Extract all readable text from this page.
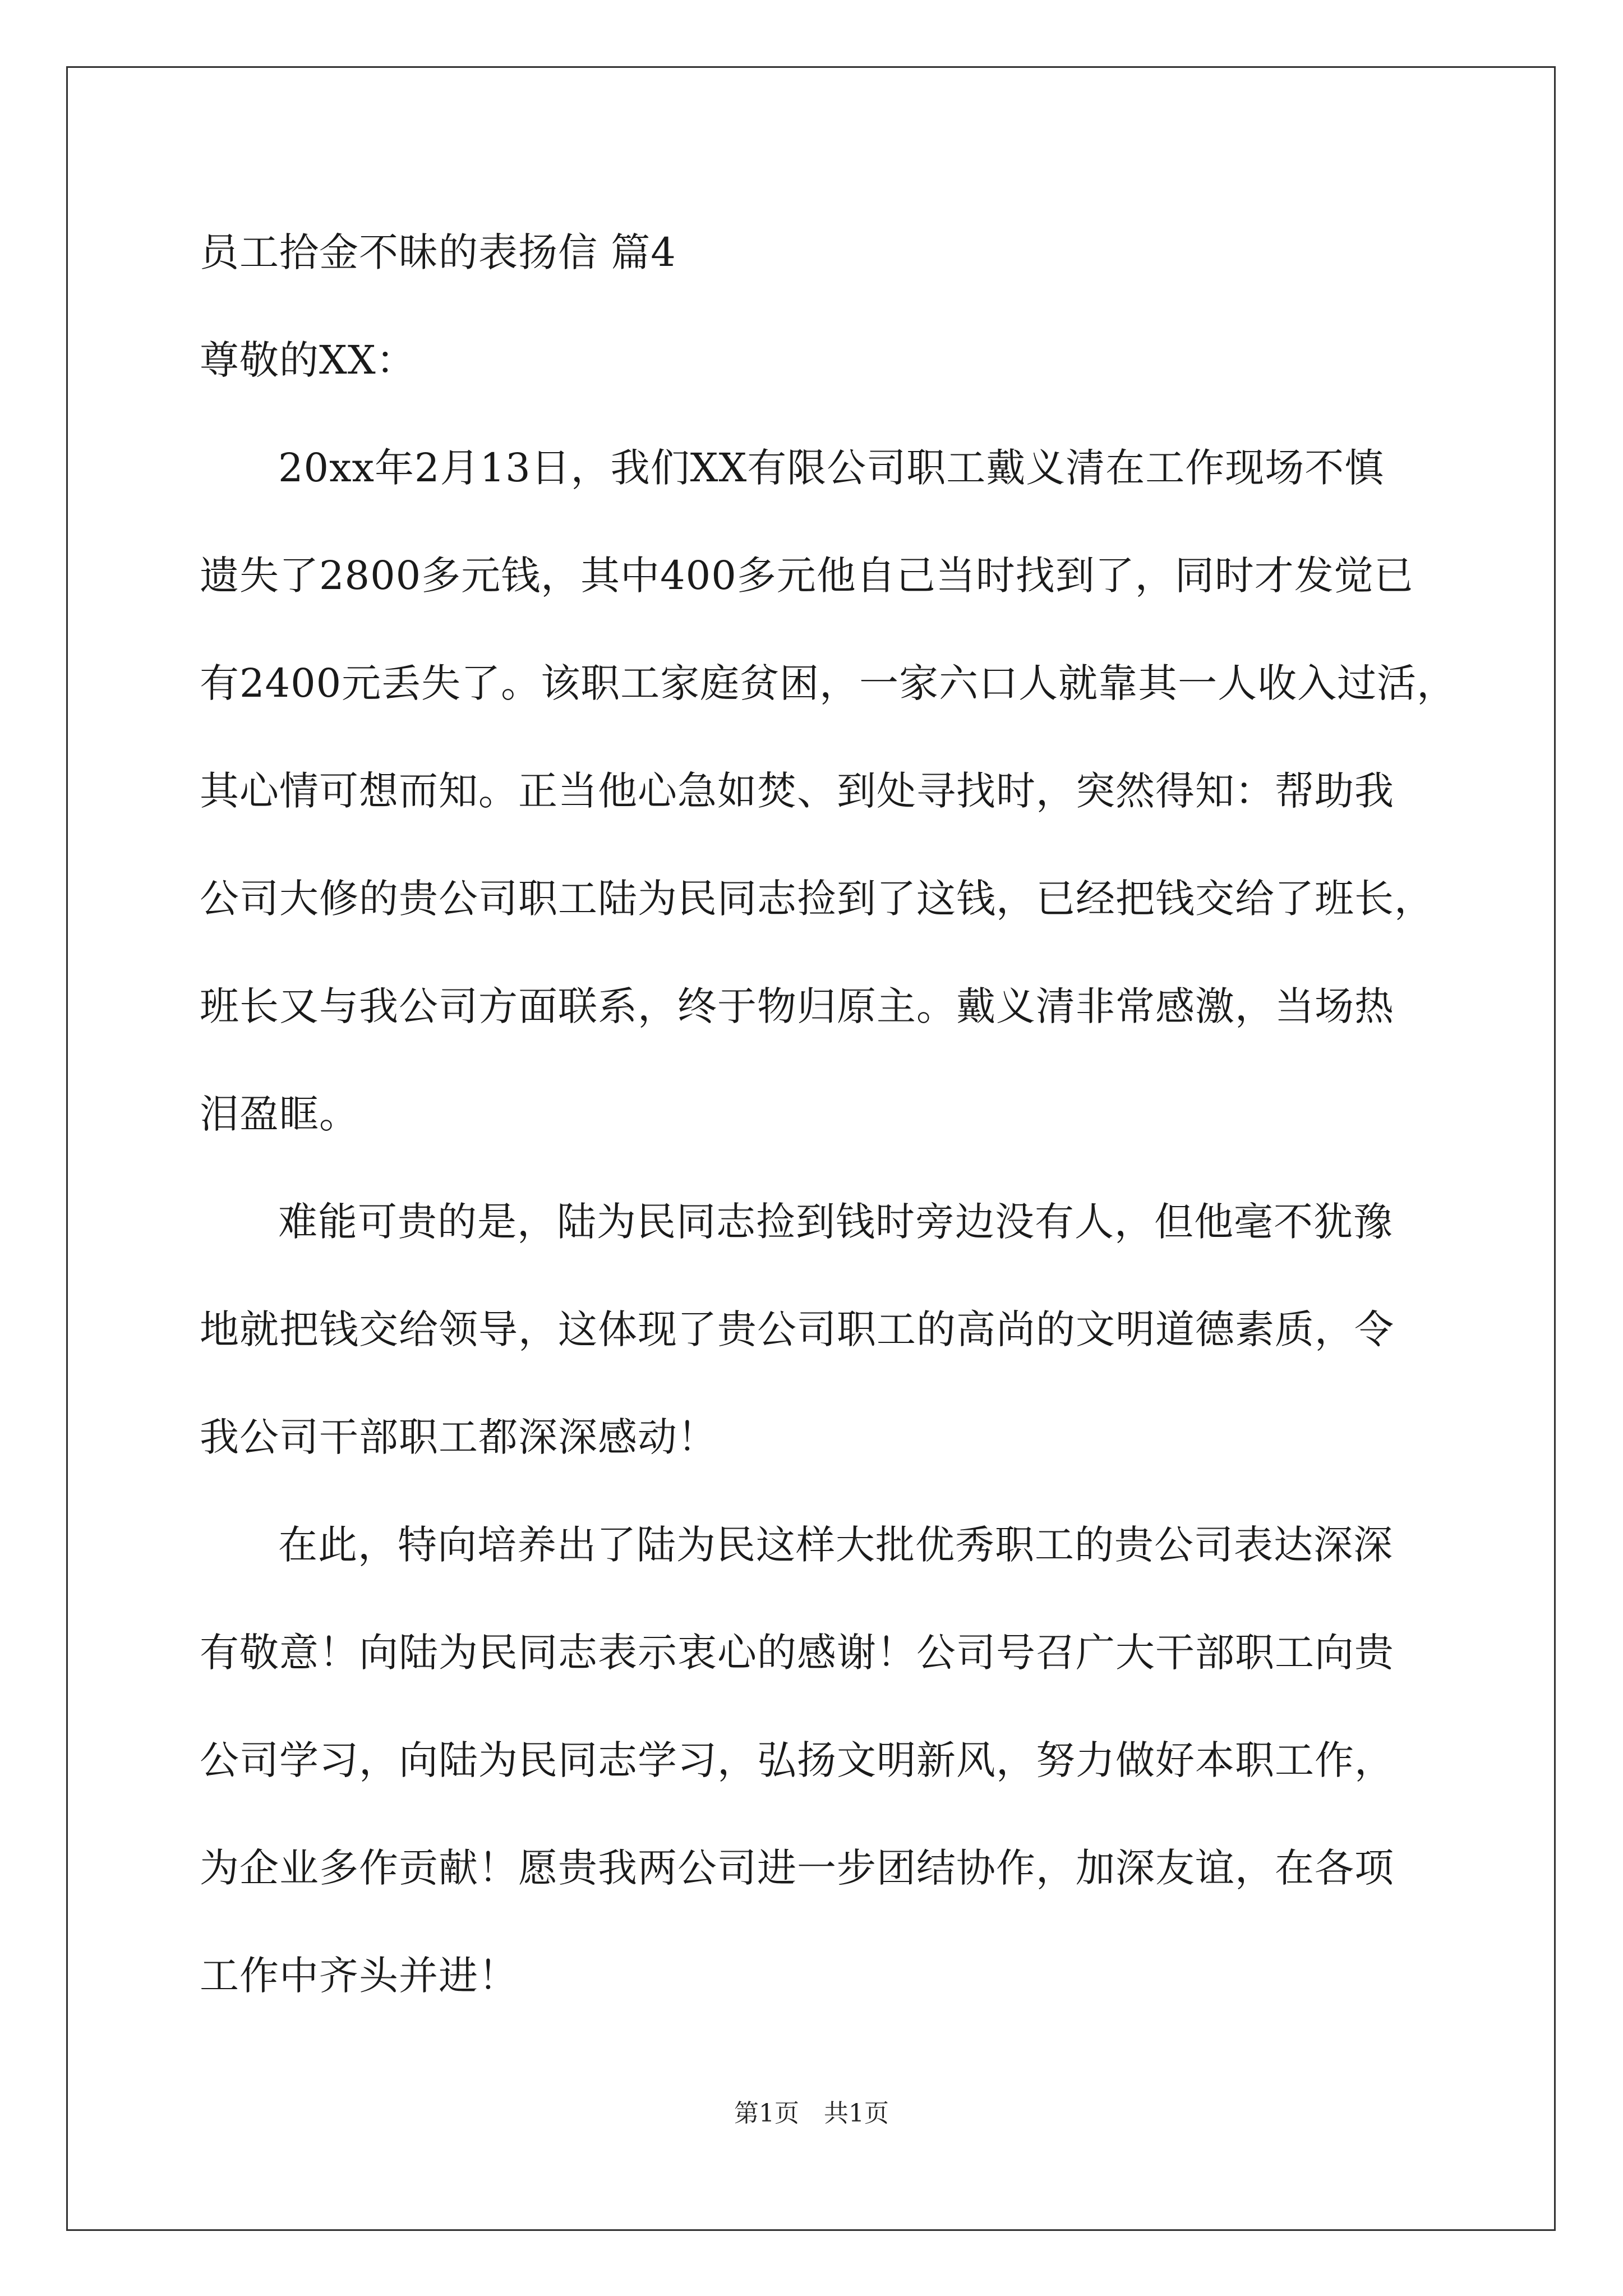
员工拾金不昧的表扬信 篇4
尊敬的XX：
20xx年2月13日，我们XX有限公司职工戴义清在工作现场不慎
遗失了2800多元钱，其中400多元他自己当时找到了，同时才发觉已
有2400元丢失了。该职工家庭贫困，一家六口人就靠其一人收入过活，
其心情可想而知。正当他心急如焚、到处寻找时，突然得知：帮助我
公司大修的贵公司职工陆为民同志捡到了这钱，已经把钱交给了班长，
班长又与我公司方面联系，终于物归原主。戴义清非常感激，当场热
泪盈眶。
难能可贵的是，陆为民同志捡到钱时旁边没有人，但他毫不犹豫
地就把钱交给领导，这体现了贵公司职工的高尚的文明道德素质，令
我公司干部职工都深深感动！
在此，特向培养出了陆为民这样大批优秀职工的贵公司表达深深
有敬意！向陆为民同志表示衷心的感谢！公司号召广大干部职工向贵
公司学习，向陆为民同志学习，弘扬文明新风，努力做好本职工作，
为企业多作贡献！愿贵我两公司进一步团结协作，加深友谊，在各项
工作中齐头并进！
第1页　共1页
